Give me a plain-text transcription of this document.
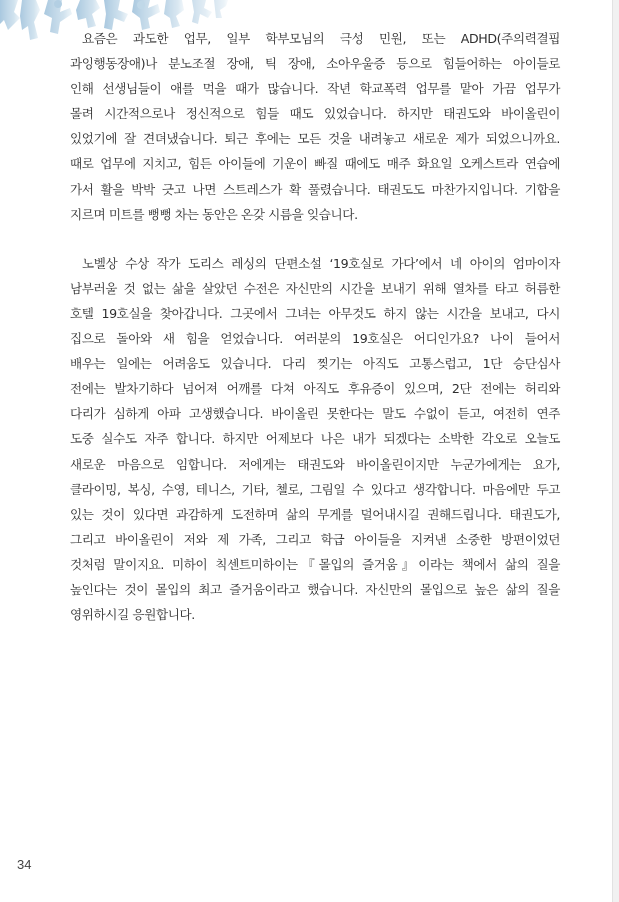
요즘은 과도한 업무, 일부 학부모님의 극성 민원, 또는 ADHD(주의력결핍
과잉행동장애)나 분노조절 장애, 틱 장애, 소아우울증 등으로 힘들어하는 아이들로
인해 선생님들이 애를 먹을 때가 많습니다. 작년 학교폭력 업무를 맡아 가끔 업무가
몰려 시간적으로나 정신적으로 힘들 때도 있었습니다. 하지만 태권도와 바이올린이
있었기에 잘 견뎌냈습니다. 퇴근 후에는 모든 것을 내려놓고 새로운 제가 되었으니까요.
때로 업무에 지치고, 힘든 아이들에 기운이 빠질 때에도 매주 화요일 오케스트라 연습에
가서 활을 박박 긋고 나면 스트레스가 확 풀렸습니다. 태권도도 마찬가지입니다. 기합을
지르며 미트를 뻥뻥 차는 동안은 온갖 시름을 잊습니다.
노벨상 수상 작가 도리스 레싱의 단편소설 ‘19호실로 가다’에서 네 아이의 엄마이자
남부러울 것 없는 삶을 살았던 수전은 자신만의 시간을 보내기 위해 열차를 타고 허름한
호텔 19호실을 찾아갑니다. 그곳에서 그녀는 아무것도 하지 않는 시간을 보내고, 다시
집으로 돌아와 새 힘을 얻었습니다. 여러분의 19호실은 어디인가요? 나이 들어서
배우는 일에는 어려움도 있습니다. 다리 찢기는 아직도 고통스럽고, 1단 승단심사
전에는 발차기하다 넘어져 어깨를 다쳐 아직도 후유증이 있으며, 2단 전에는 허리와
다리가 심하게 아파 고생했습니다. 바이올린 못한다는 말도 수없이 듣고, 여전히 연주
도중 실수도 자주 합니다. 하지만 어제보다 나은 내가 되겠다는 소박한 각오로 오늘도
새로운 마음으로 임합니다. 저에게는 태권도와 바이올린이지만 누군가에게는 요가,
클라이밍, 복싱, 수영, 테니스, 기타, 첼로, 그림일 수 있다고 생각합니다. 마음에만 두고
있는 것이 있다면 과감하게 도전하며 삶의 무게를 덜어내시길 권해드립니다. 태권도가,
그리고 바이올린이 저와 제 가족, 그리고 학급 아이들을 지켜낸 소중한 방편이었던
것처럼 말이지요. 미하이 칙센트미하이는『몰입의 즐거움』이라는 책에서 삶의 질을
높인다는 것이 몰입의 최고 즐거움이라고 했습니다. 자신만의 몰입으로 높은 삶의 질을
영위하시길 응원합니다.
34
